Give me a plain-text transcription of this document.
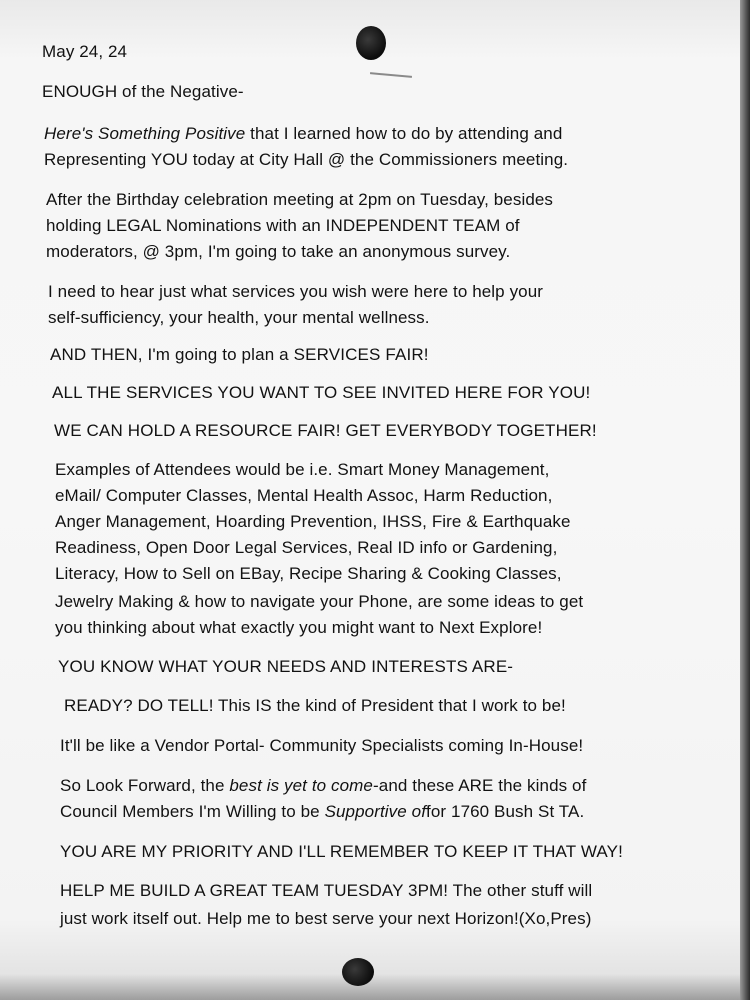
May 24, 24
ENOUGH of the Negative-
Here's Something Positive that I learned how to do by attending and
Representing YOU today at City Hall @ the Commissioners meeting.
After the Birthday celebration meeting at 2pm on Tuesday, besides
holding LEGAL Nominations with an INDEPENDENT TEAM of
moderators, @ 3pm, I'm going to take an anonymous survey.
I need to hear just what services you wish were here to help your
self-sufficiency, your health, your mental wellness.
AND THEN, I'm going to plan a SERVICES FAIR!
ALL THE SERVICES YOU WANT TO SEE INVITED HERE FOR YOU!
WE CAN HOLD A RESOURCE FAIR! GET EVERYBODY TOGETHER!
Examples of Attendees would be i.e. Smart Money Management,
eMail/ Computer Classes, Mental Health Assoc, Harm Reduction,
Anger Management, Hoarding Prevention, IHSS, Fire & Earthquake
Readiness, Open Door Legal Services, Real ID info or Gardening,
Literacy, How to Sell on EBay, Recipe Sharing & Cooking Classes,
Jewelry Making & how to navigate your Phone, are some ideas to get
you thinking about what exactly you might want to Next Explore!
YOU KNOW WHAT YOUR NEEDS AND INTERESTS ARE-
READY? DO TELL! This IS the kind of President that I work to be!
It'll be like a Vendor Portal- Community Specialists coming In-House!
So Look Forward, the best is yet to come-and these ARE the kinds of
Council Members I'm Willing to be Supportive offor 1760 Bush St TA.
YOU ARE MY PRIORITY AND I'LL REMEMBER TO KEEP IT THAT WAY!
HELP ME BUILD A GREAT TEAM TUESDAY 3PM! The other stuff will
just work itself out. Help me to best serve your next Horizon!(Xo,Pres)
